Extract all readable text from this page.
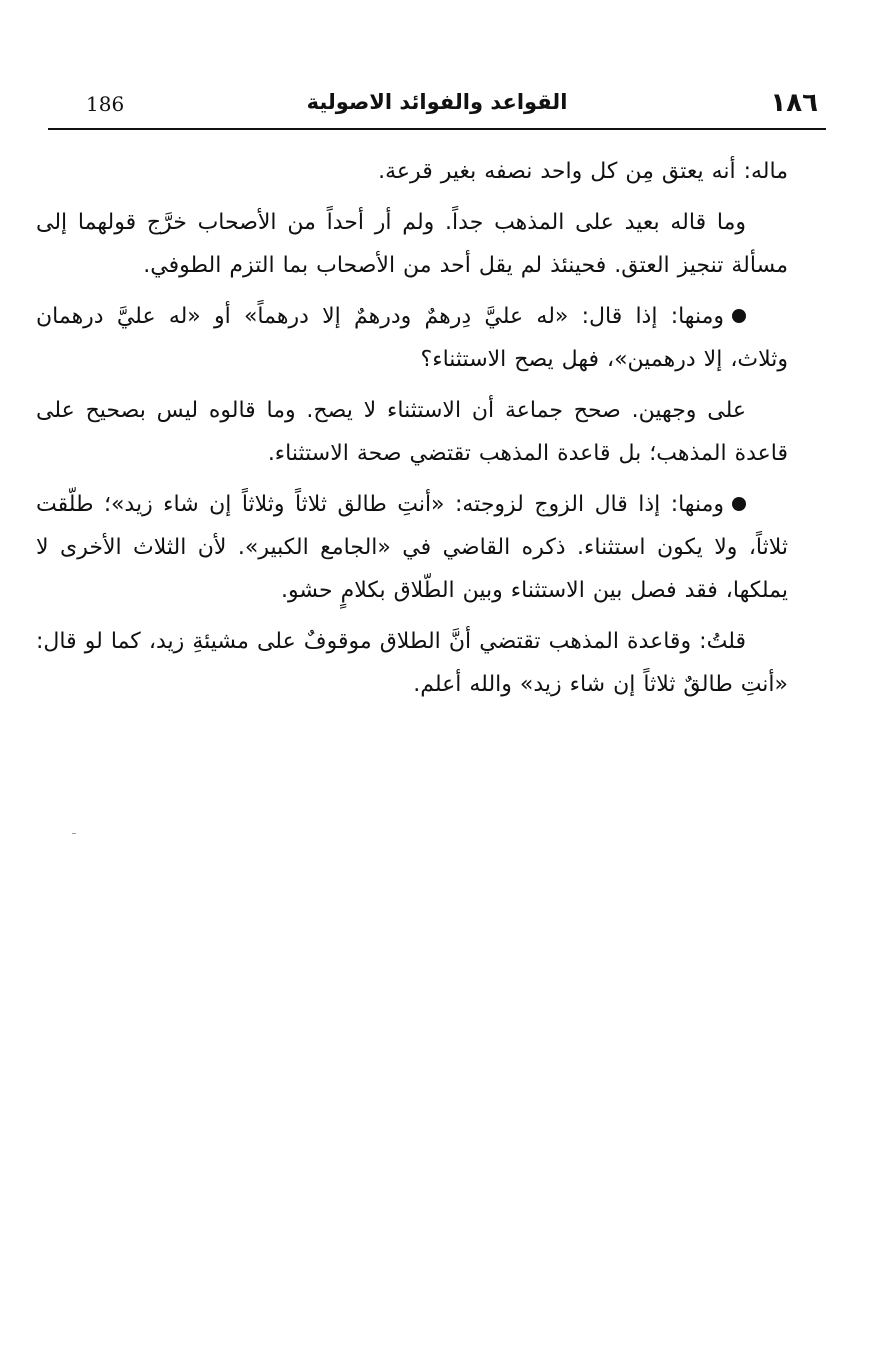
186	القواعد والفوائد الاصولية	١٨٦

ماله: أنه يعتق مِن كل واحد نصفه بغير قرعة.

وما قاله بعيد على المذهب جداً. ولم أر أحداً من الأصحاب خرَّج قولهما إلى مسألة تنجيز العتق. فحينئذ لم يقل أحد من الأصحاب بما التزم الطوفي.

ومنها: إذا قال: «له عليَّ دِرهمٌ ودرهمٌ إلا درهماً» أو «له عليَّ درهمان وثلاث، إلا درهمين»، فهل يصح الاستثناء؟

على وجهين. صحح جماعة أن الاستثناء لا يصح. وما قالوه ليس بصحيح على قاعدة المذهب؛ بل قاعدة المذهب تقتضي صحة الاستثناء.

ومنها: إذا قال الزوج لزوجته: «أنتِ طالق ثلاثاً وثلاثاً إن شاء زيد»؛ طلّقت ثلاثاً، ولا يكون استثناء. ذكره القاضي في «الجامع الكبير». لأن الثلاث الأخرى لا يملكها، فقد فصل بين الاستثناء وبين الطّلاق بكلامٍ حشو.

قلتُ: وقاعدة المذهب تقتضي أنَّ الطلاق موقوفٌ على مشيئةِ زيد، كما لو قال: «أنتِ طالقٌ ثلاثاً إن شاء زيد» والله أعلم.
